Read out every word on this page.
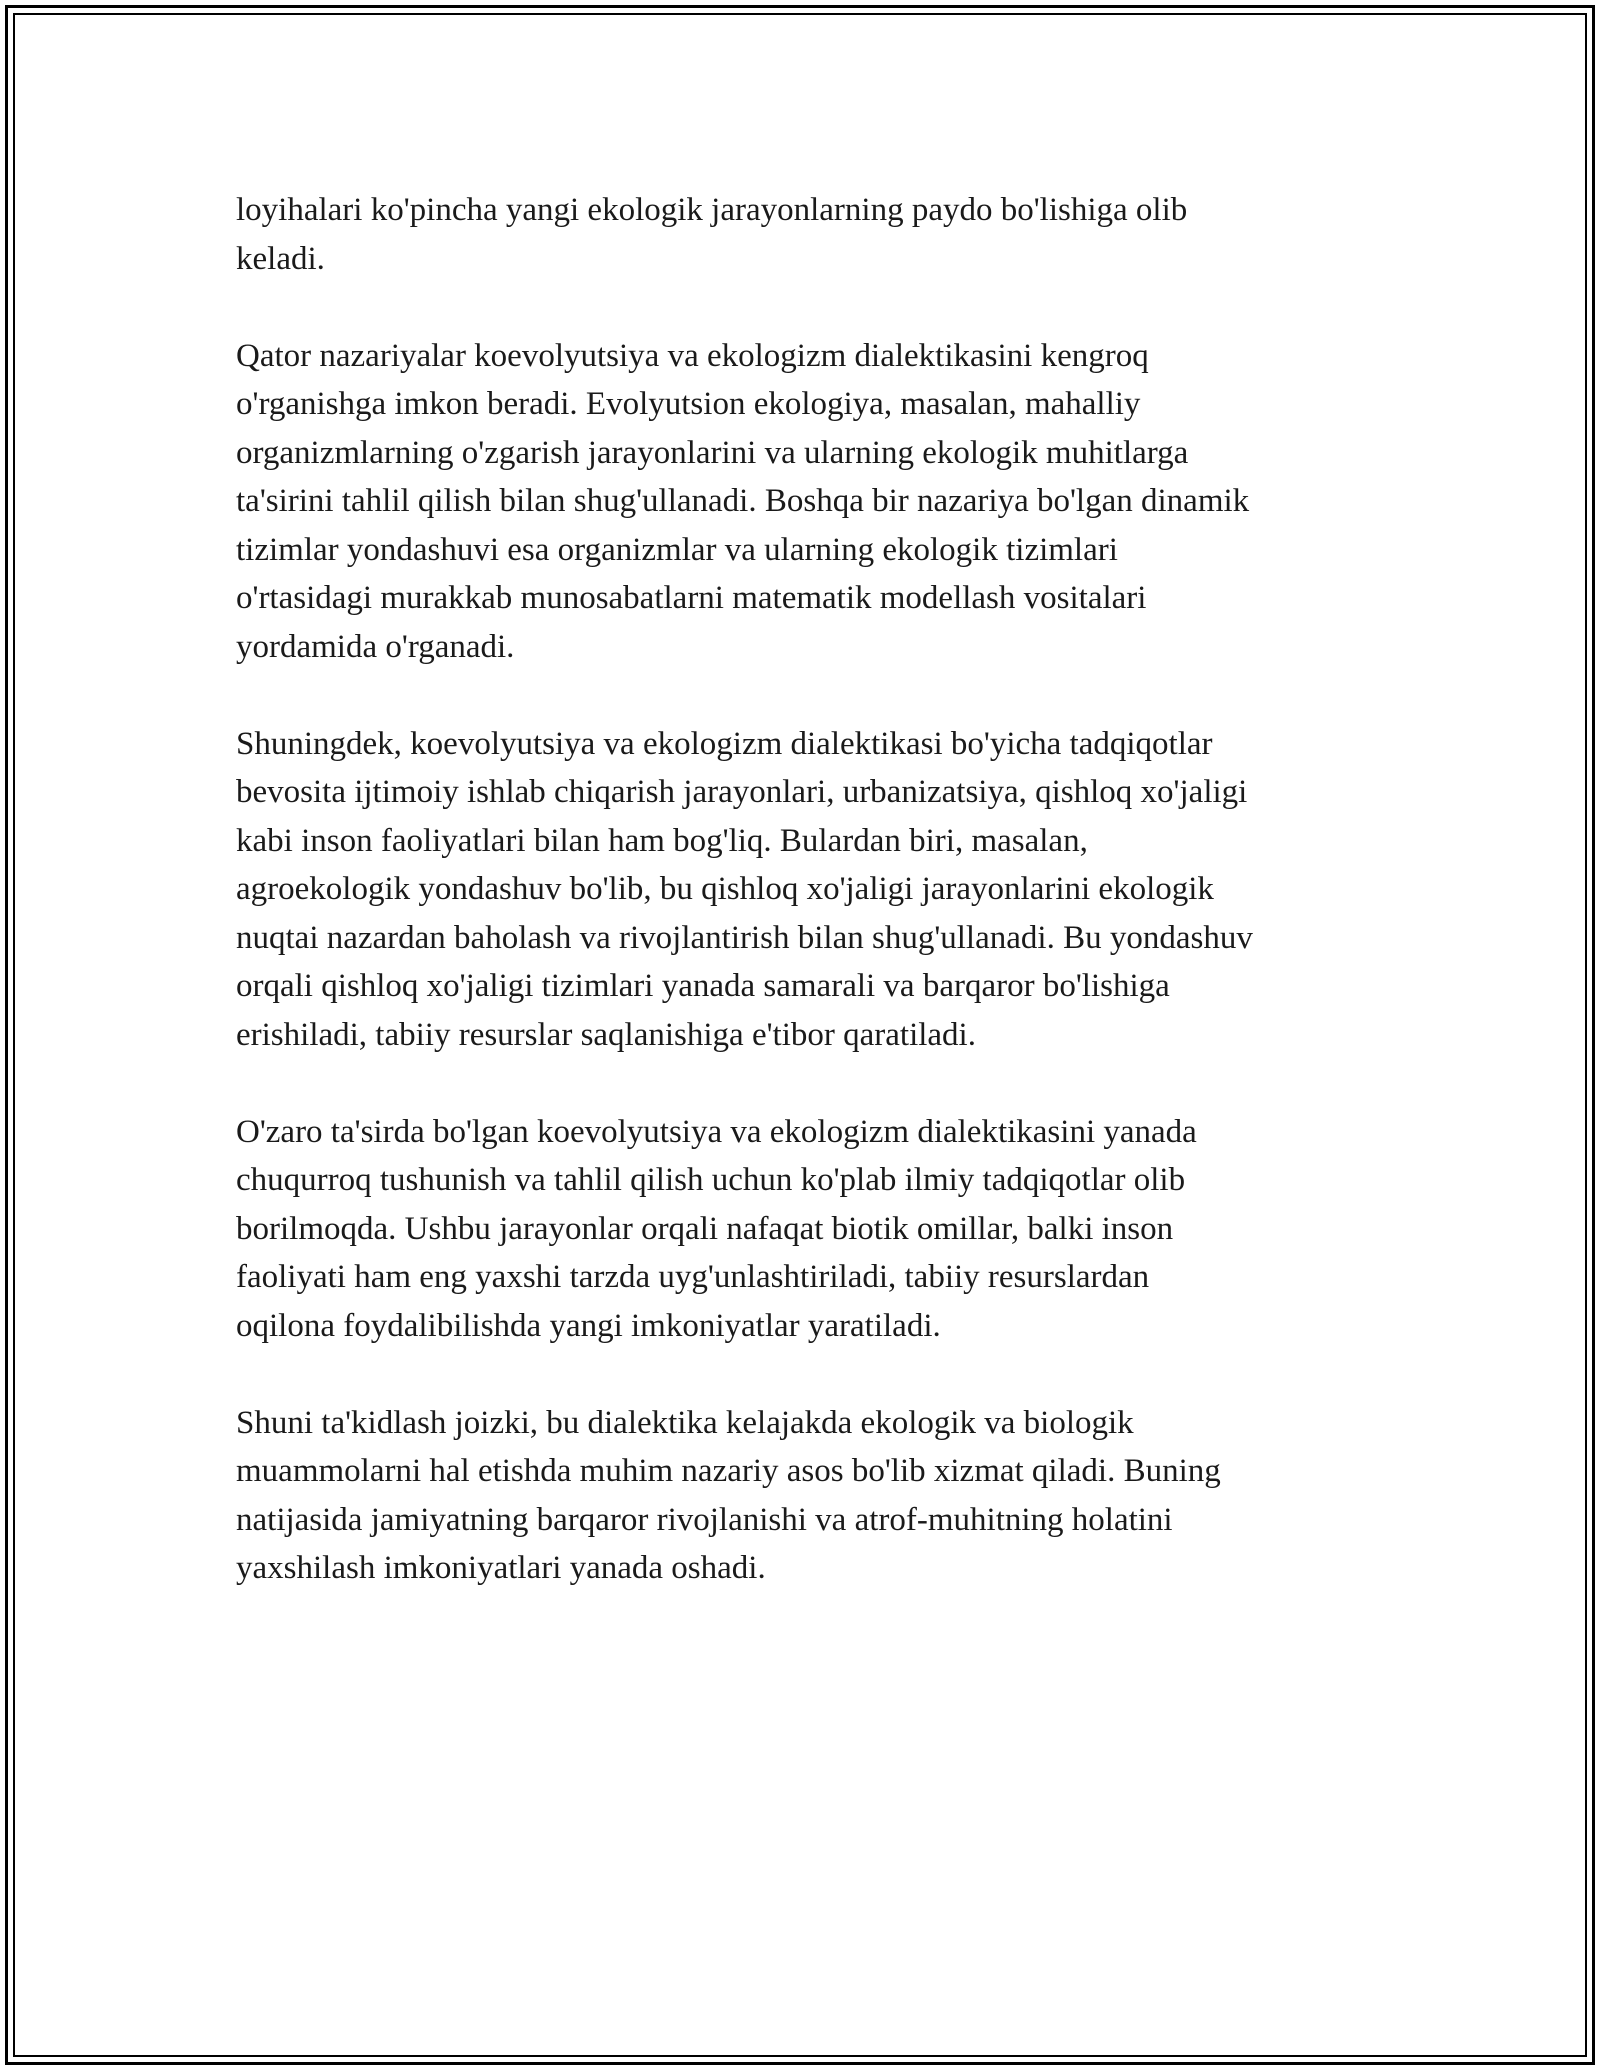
loyihalari ko'pincha yangi ekologik jarayonlarning paydo bo'lishiga olib
keladi.

Qator nazariyalar koevolyutsiya va ekologizm dialektikasini kengroq
o'rganishga imkon beradi. Evolyutsion ekologiya, masalan, mahalliy
organizmlarning o'zgarish jarayonlarini va ularning ekologik muhitlarga
ta'sirini tahlil qilish bilan shug'ullanadi. Boshqa bir nazariya bo'lgan dinamik
tizimlar yondashuvi esa organizmlar va ularning ekologik tizimlari
o'rtasidagi murakkab munosabatlarni matematik modellash vositalari
yordamida o'rganadi.

Shuningdek, koevolyutsiya va ekologizm dialektikasi bo'yicha tadqiqotlar
bevosita ijtimoiy ishlab chiqarish jarayonlari, urbanizatsiya, qishloq xo'jaligi
kabi inson faoliyatlari bilan ham bog'liq. Bulardan biri, masalan,
agroekologik yondashuv bo'lib, bu qishloq xo'jaligi jarayonlarini ekologik
nuqtai nazardan baholash va rivojlantirish bilan shug'ullanadi. Bu yondashuv
orqali qishloq xo'jaligi tizimlari yanada samarali va barqaror bo'lishiga
erishiladi, tabiiy resurslar saqlanishiga e'tibor qaratiladi.

O'zaro ta'sirda bo'lgan koevolyutsiya va ekologizm dialektikasini yanada
chuqurroq tushunish va tahlil qilish uchun ko'plab ilmiy tadqiqotlar olib
borilmoqda. Ushbu jarayonlar orqali nafaqat biotik omillar, balki inson
faoliyati ham eng yaxshi tarzda uyg'unlashtiriladi, tabiiy resurslardan
oqilona foydalibilishda yangi imkoniyatlar yaratiladi.

Shuni ta'kidlash joizki, bu dialektika kelajakda ekologik va biologik
muammolarni hal etishda muhim nazariy asos bo'lib xizmat qiladi. Buning
natijasida jamiyatning barqaror rivojlanishi va atrof-muhitning holatini
yaxshilash imkoniyatlari yanada oshadi.
